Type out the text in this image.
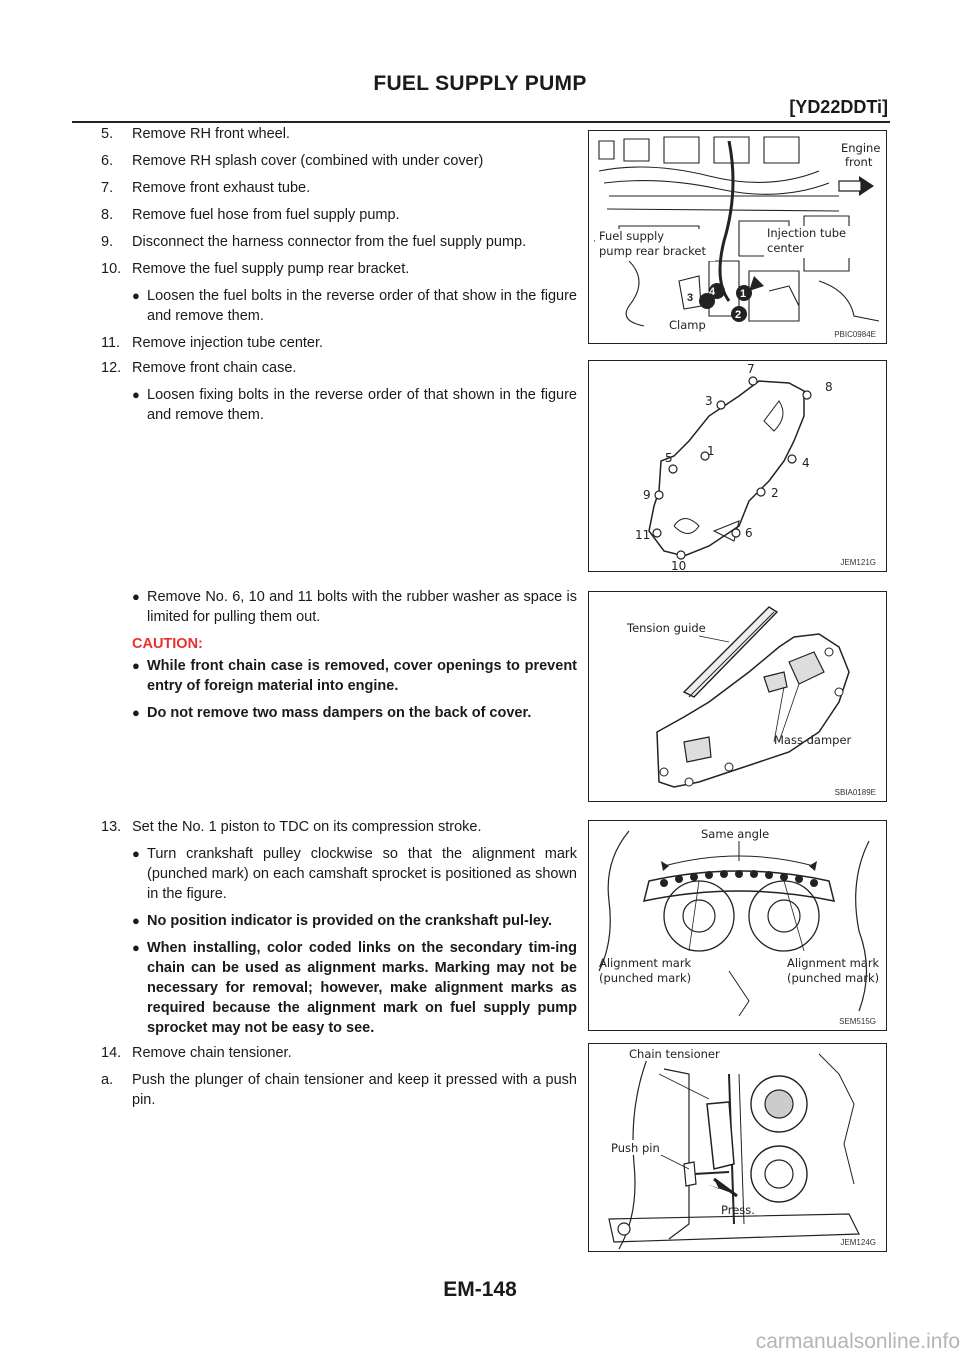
FUEL SUPPLY PUMP
[YD22DDTi]
5. Remove RH front wheel.
6. Remove RH splash cover (combined with under cover)
7. Remove front exhaust tube.
8. Remove fuel hose from fuel supply pump.
9. Disconnect the harness connector from the fuel supply pump.
10. Remove the fuel supply pump rear bracket.
● Loosen the fuel bolts in the reverse order of that show in the figure and remove them.
11. Remove injection tube center.
12. Remove front chain case.
● Loosen fixing bolts in the reverse order of that shown in the figure and remove them.
● Remove No. 6, 10 and 11 bolts with the rubber washer as space is limited for pulling them out.
CAUTION:
● While front chain case is removed, cover openings to prevent entry of foreign material into engine.
● Do not remove two mass dampers on the back of cover.
13. Set the No. 1 piston to TDC on its compression stroke.
● Turn crankshaft pulley clockwise so that the alignment mark (punched mark) on each camshaft sprocket is positioned as shown in the figure.
● No position indicator is provided on the crankshaft pul-ley.
● When installing, color coded links on the secondary tim-ing chain can be used as alignment marks. Marking may not be necessary for removal; however, make alignment marks as required because the alignment mark on fuel supply pump sprocket may not be easy to see.
14. Remove chain tensioner.
a. Push the plunger of chain tensioner and keep it pressed with a push pin.
4
3	1
2
Engine
front
Fuel supply
pump rear bracket
Injection tube
center
Clamp
PBIC0984E
7
8
3
1
5	4
9	2
11	6
10	JEM121G
Tension guide
Mass damper
SBIA0189E
Same angle
Alignment mark
(punched mark)
Alignment mark
(punched mark)
SEM515G
Chain tensioner
Push pin
Press.
JEM124G
EM-148
carmanualsonline.info
